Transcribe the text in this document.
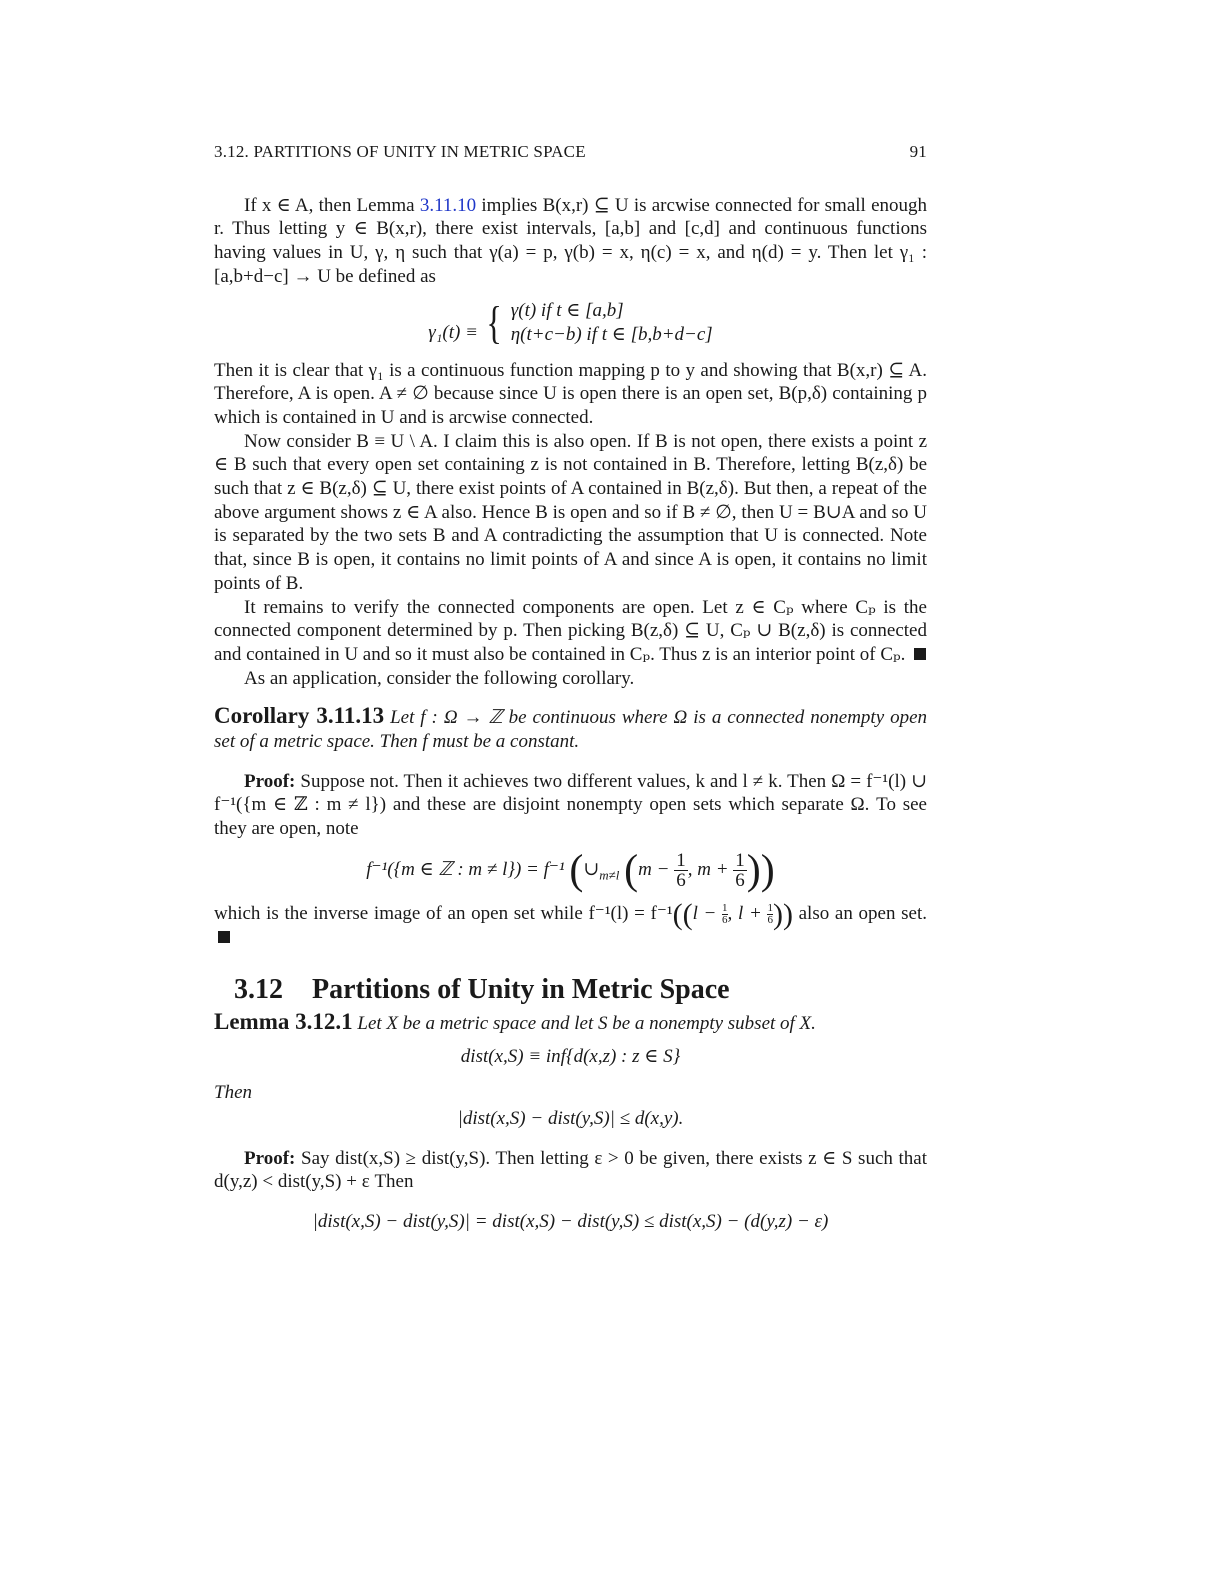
3.12. PARTITIONS OF UNITY IN METRIC SPACE	91

If x ∈ A, then Lemma 3.11.10 implies B(x,r) ⊆ U is arcwise connected for small enough r. Thus letting y ∈ B(x,r), there exist intervals, [a,b] and [c,d] and continuous functions having values in U, γ, η such that γ(a) = p, γ(b) = x, η(c) = x, and η(d) = y. Then let γ₁ : [a,b+d−c] → U be defined as

γ₁(t) ≡ { γ(t) if t ∈ [a,b]
η(t+c−b) if t ∈ [b,b+d−c]

Then it is clear that γ₁ is a continuous function mapping p to y and showing that B(x,r) ⊆ A. Therefore, A is open. A ≠ ∅ because since U is open there is an open set, B(p,δ) containing p which is contained in U and is arcwise connected.

Now consider B ≡ U \ A. I claim this is also open. If B is not open, there exists a point z ∈ B such that every open set containing z is not contained in B. Therefore, letting B(z,δ) be such that z ∈ B(z,δ) ⊆ U, there exist points of A contained in B(z,δ). But then, a repeat of the above argument shows z ∈ A also. Hence B is open and so if B ≠ ∅, then U = B∪A and so U is separated by the two sets B and A contradicting the assumption that U is connected. Note that, since B is open, it contains no limit points of A and since A is open, it contains no limit points of B.

It remains to verify the connected components are open. Let z ∈ Cₚ where Cₚ is the connected component determined by p. Then picking B(z,δ) ⊆ U, Cₚ ∪ B(z,δ) is connected and contained in U and so it must also be contained in Cₚ. Thus z is an interior point of Cₚ.

As an application, consider the following corollary.

Corollary 3.11.13 Let f : Ω → ℤ be continuous where Ω is a connected nonempty open set of a metric space. Then f must be a constant.

Proof: Suppose not. Then it achieves two different values, k and l ≠ k. Then Ω = f⁻¹(l) ∪ f⁻¹({m ∈ ℤ : m ≠ l}) and these are disjoint nonempty open sets which separate Ω. To see they are open, note

f⁻¹({m ∈ ℤ : m ≠ l}) = f⁻¹ ($\cup_{m\ne l}$ ($m - \frac{1}{6}$ , $m + \frac{1}{6}$ ))

which is the inverse image of an open set while $f^{-1}(l) = f^{-1}((l - \frac{1}{6}$ , $l + \frac{1}{6}$ )) also an open set.

3.12 Partitions of Unity in Metric Space

Lemma 3.12.1 Let X be a metric space and let S be a nonempty subset of X.

dist(x,S) ≡ inf{d(x,z) : z ∈ S}

Then

|dist(x,S) − dist(y,S)| ≤ d(x,y).

Proof: Say dist(x,S) ≥ dist(y,S). Then letting ε > 0 be given, there exists z ∈ S such that d(y,z) < dist(y,S) + ε Then

|dist(x,S) − dist(y,S)| = dist(x,S) − dist(y,S) ≤ dist(x,S) − (d(y,z) − ε)
